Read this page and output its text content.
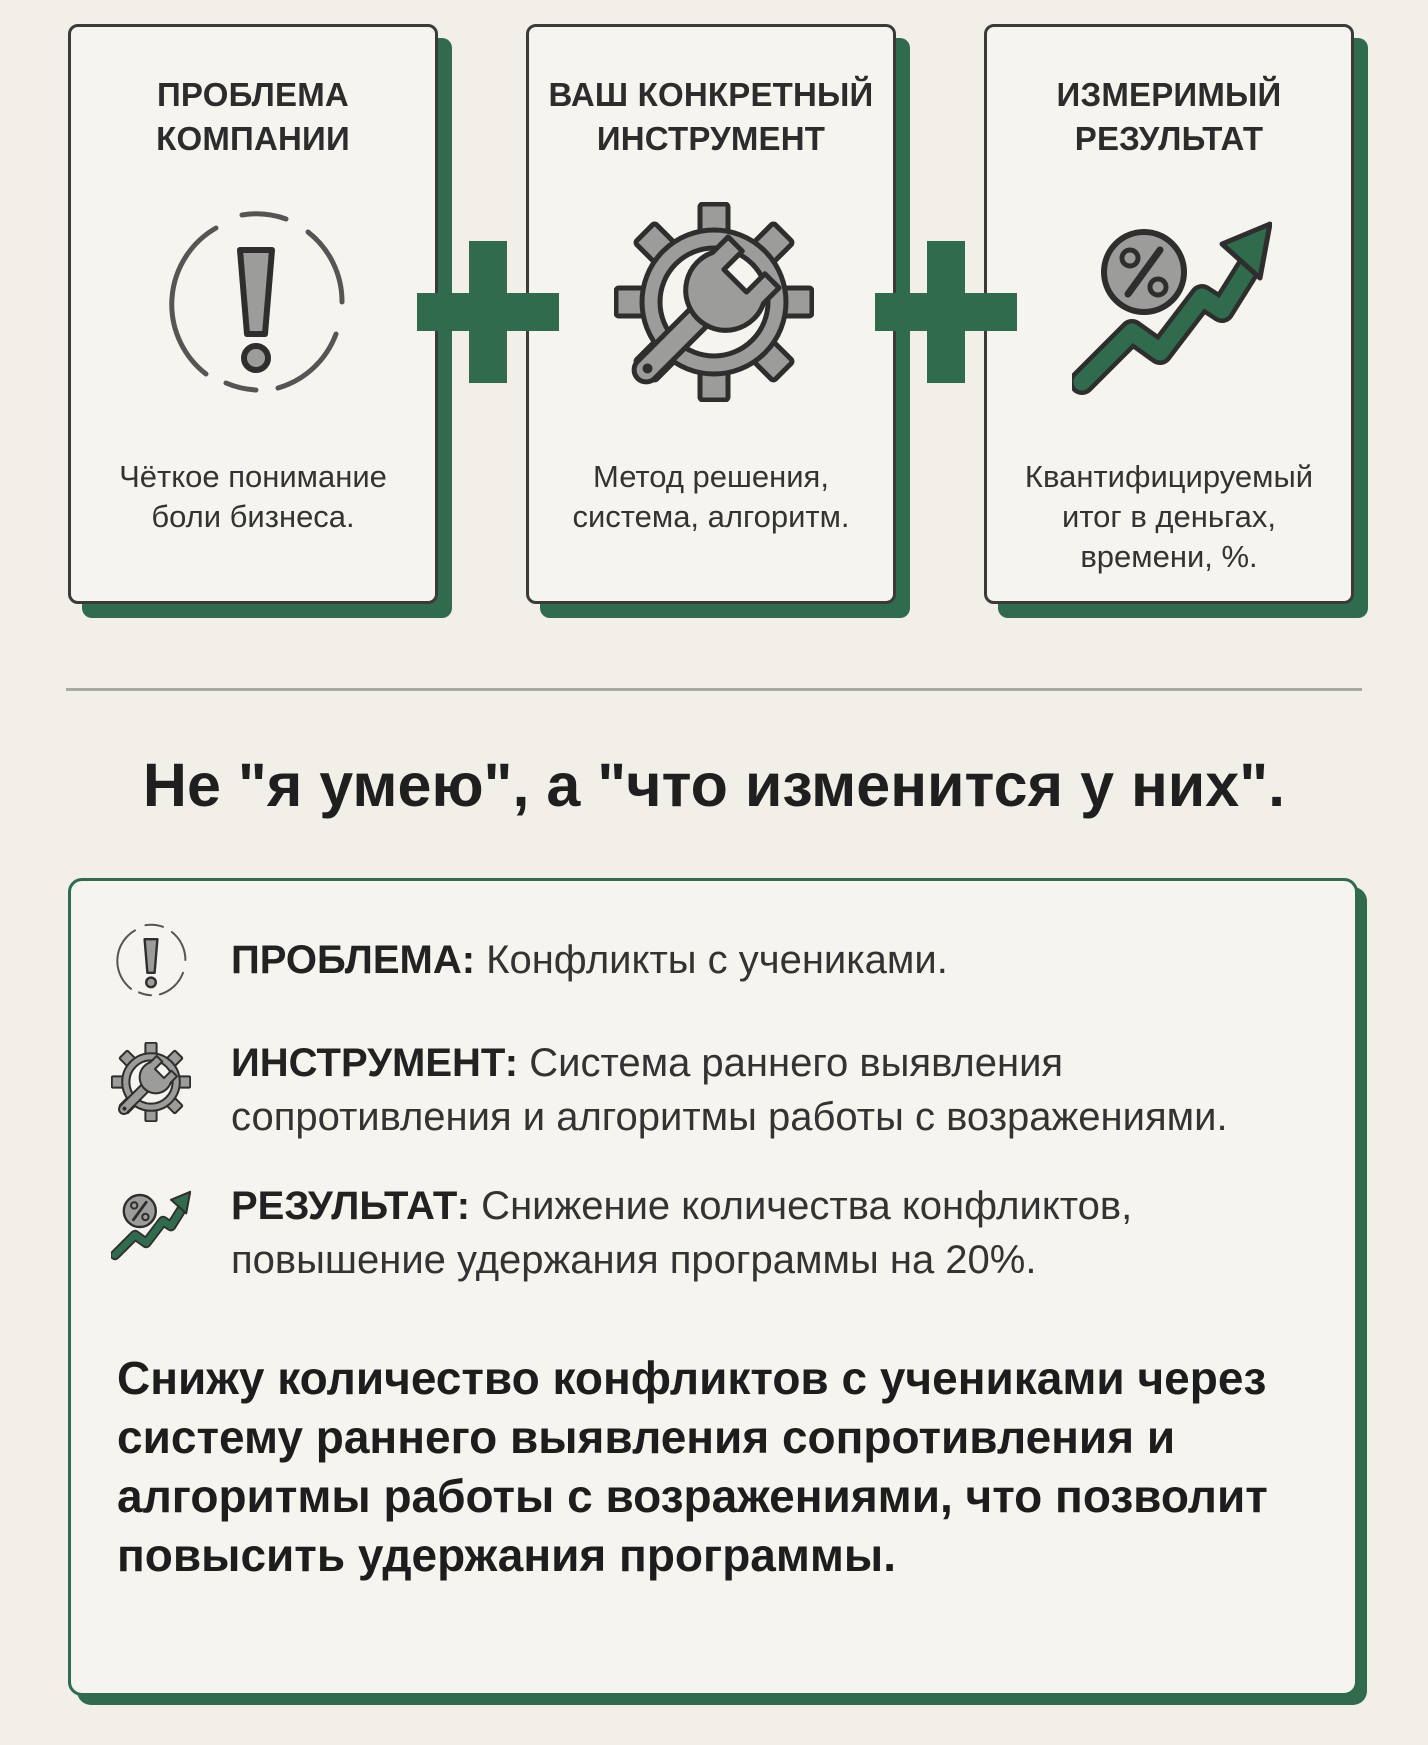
ПРОБЛЕМА
КОМПАНИИ
Чёткое понимание
боли бизнеса.
ВАШ КОНКРЕТНЫЙ
ИНСТРУМЕНТ
Метод решения,
система, алгоритм.
ИЗМЕРИМЫЙ
РЕЗУЛЬТАТ
Квантифицируемый
итог в деньгах,
времени, %.
Не "я умею", а "что изменится у них".
ПРОБЛЕМА: Конфликты с учениками.
ИНСТРУМЕНТ: Система раннего выявления сопротивления и алгоритмы работы с возражениями.
РЕЗУЛЬТАТ: Снижение количества конфликтов, повышение удержания программы на 20%.
Снижу количество конфликтов с учениками через систему раннего выявления сопротивления и алгоритмы работы с возражениями, что позволит повысить удержания программы.
